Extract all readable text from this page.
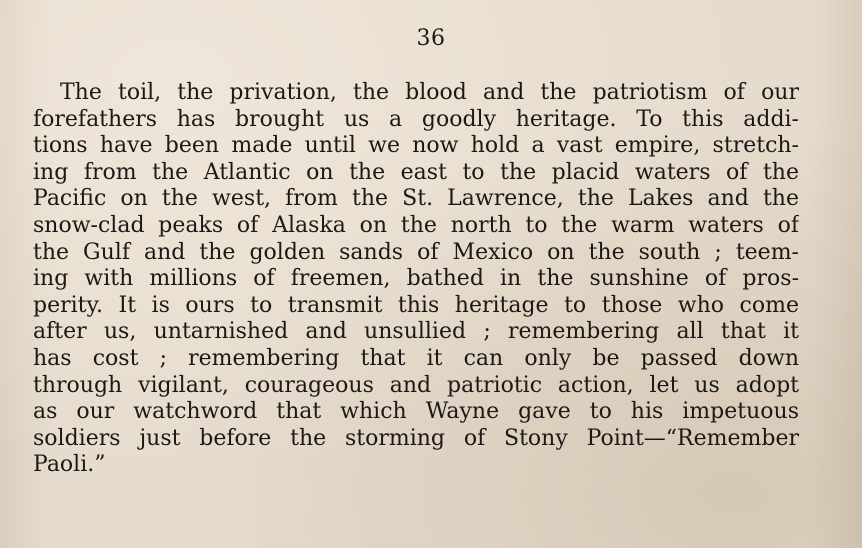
36
The toil, the privation, the blood and the patriotism of our
forefathers has brought us a goodly heritage. To this addi-
tions have been made until we now hold a vast empire, stretch-
ing from the Atlantic on the east to the placid waters of the
Pacific on the west, from the St. Lawrence, the Lakes and the
snow-clad peaks of Alaska on the north to the warm waters of
the Gulf and the golden sands of Mexico on the south ; teem-
ing with millions of freemen, bathed in the sunshine of pros-
perity. It is ours to transmit this heritage to those who come
after us, untarnished and unsullied ; remembering all that it
has cost ; remembering that it can only be passed down
through vigilant, courageous and patriotic action, let us adopt
as our watchword that which Wayne gave to his impetuous
soldiers just before the storming of Stony Point—“Remember
Paoli.”
